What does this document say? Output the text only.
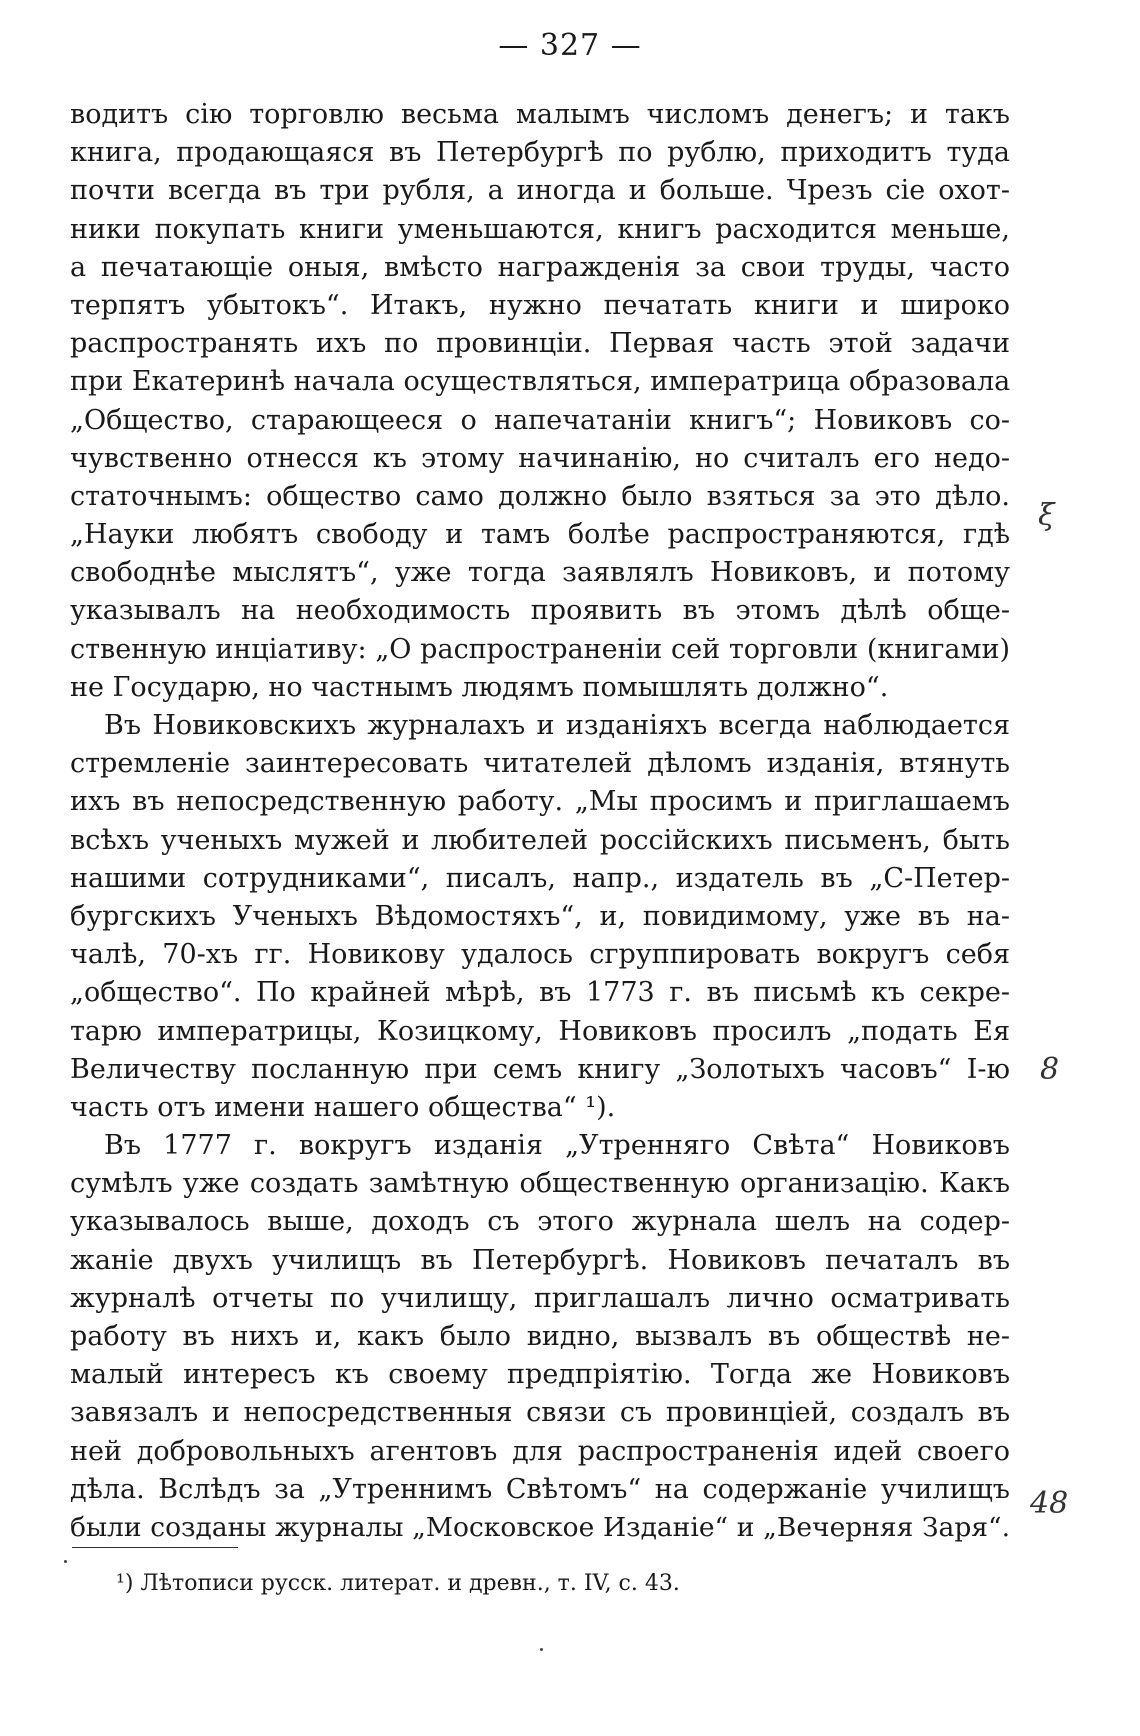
— 327 —
водитъ сію торговлю весьма малымъ числомъ денегъ; и такъ
книга, продающаяся въ Петербургѣ по рублю, приходитъ туда
почти всегда въ три рубля, а иногда и больше. Чрезъ сіе охот-
ники покупать книги уменьшаются, книгъ расходится меньше,
а печатающіе оныя, вмѣсто награжденія за свои труды, часто
терпятъ убытокъ“. Итакъ, нужно печатать книги и широко
распространять ихъ по провинціи. Первая часть этой задачи
при Екатеринѣ начала осуществляться, императрица образовала
„Общество, старающееся о напечатаніи книгъ“; Новиковъ со-
чувственно отнесся къ этому начинанію, но считалъ его недо-
статочнымъ: общество само должно было взяться за это дѣло.
„Науки любятъ свободу и тамъ болѣе распространяются, гдѣ
свободнѣе мыслятъ“, уже тогда заявлялъ Новиковъ, и потому
указывалъ на необходимость проявить въ этомъ дѣлѣ обще-
ственную инціативу: „О распространеніи сей торговли (книгами)
не Государю, но частнымъ людямъ помышлять должно“.
Въ Новиковскихъ журналахъ и изданіяхъ всегда наблюдается
стремленіе заинтересовать читателей дѣломъ изданія, втянуть
ихъ въ непосредственную работу. „Мы просимъ и приглашаемъ
всѣхъ ученыхъ мужей и любителей россійскихъ письменъ, быть
нашими сотрудниками“, писалъ, напр., издатель въ „С-Петер-
бургскихъ Ученыхъ Вѣдомостяхъ“, и, повидимому, уже въ на-
чалѣ, 70-хъ гг. Новикову удалось сгруппировать вокругъ себя
„общество“. По крайней мѣрѣ, въ 1773 г. въ письмѣ къ секре-
тарю императрицы, Козицкому, Новиковъ просилъ „подать Ея
Величеству посланную при семъ книгу „Золотыхъ часовъ“ I-ю
часть отъ имени нашего общества“ ¹).
Въ 1777 г. вокругъ изданія „Утренняго Свѣта“ Новиковъ
сумѣлъ уже создать замѣтную общественную организацію. Какъ
указывалось выше, доходъ съ этого журнала шелъ на содер-
жаніе двухъ училищъ въ Петербургѣ. Новиковъ печаталъ въ
журналѣ отчеты по училищу, приглашалъ лично осматривать
работу въ нихъ и, какъ было видно, вызвалъ въ обществѣ не-
малый интересъ къ своему предпріятію. Тогда же Новиковъ
завязалъ и непосредственныя связи съ провинціей, создалъ въ
ней добровольныхъ агентовъ для распространенія идей своего
дѣла. Вслѣдъ за „Утреннимъ Свѣтомъ“ на содержаніе училищъ
были созданы журналы „Московское Изданіе“ и „Вечерняя Заря“.
¹) Лѣтописи русск. литерат. и древн., т. IV, с. 43.
ξ
8
48
